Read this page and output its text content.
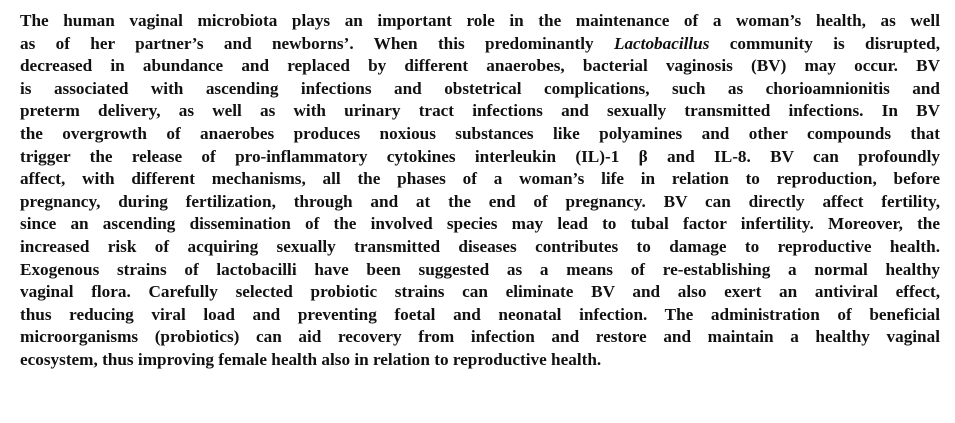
The human vaginal microbiota plays an important role in the maintenance of a woman’s health, as well
as of her partner’s and newborns’. When this predominantly Lactobacillus community is disrupted,
decreased in abundance and replaced by different anaerobes, bacterial vaginosis (BV) may occur. BV
is associated with ascending infections and obstetrical complications, such as chorioamnionitis and
preterm delivery, as well as with urinary tract infections and sexually transmitted infections. In BV
the overgrowth of anaerobes produces noxious substances like polyamines and other compounds that
trigger the release of pro-inflammatory cytokines interleukin (IL)-1 β and IL-8. BV can profoundly
affect, with different mechanisms, all the phases of a woman’s life in relation to reproduction, before
pregnancy, during fertilization, through and at the end of pregnancy. BV can directly affect fertility,
since an ascending dissemination of the involved species may lead to tubal factor infertility. Moreover, the
increased risk of acquiring sexually transmitted diseases contributes to damage to reproductive health.
Exogenous strains of lactobacilli have been suggested as a means of re-establishing a normal healthy
vaginal flora. Carefully selected probiotic strains can eliminate BV and also exert an antiviral effect,
thus reducing viral load and preventing foetal and neonatal infection. The administration of beneficial
microorganisms (probiotics) can aid recovery from infection and restore and maintain a healthy vaginal
ecosystem, thus improving female health also in relation to reproductive health.
